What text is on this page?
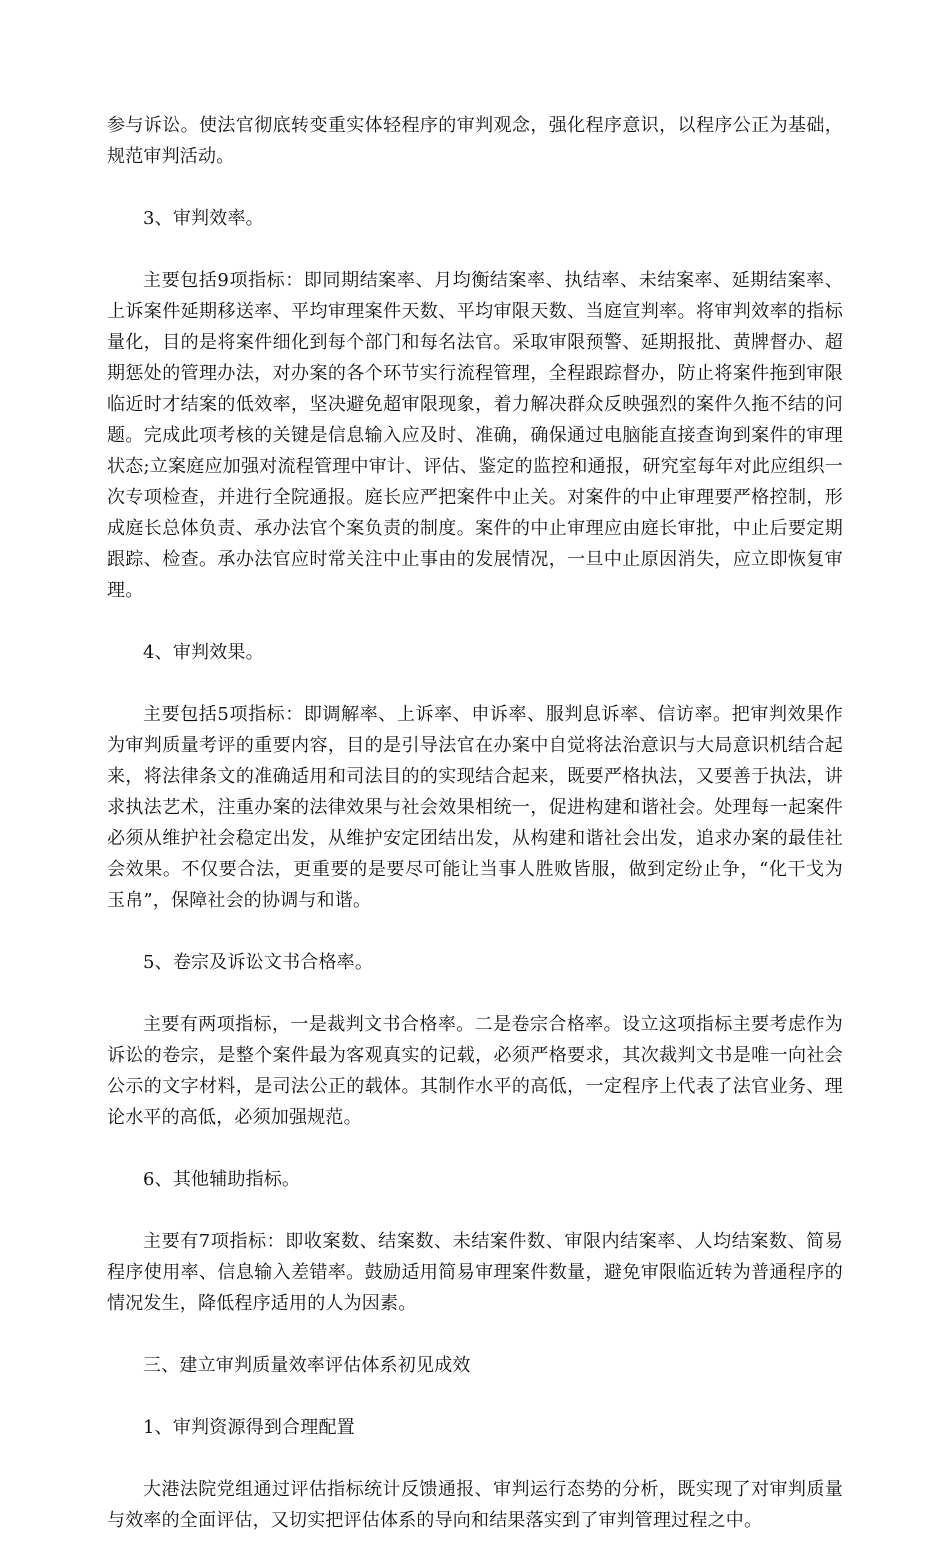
参与诉讼。使法官彻底转变重实体轻程序的审判观念，强化程序意识，以程序公正为基础，规范审判活动。

3、审判效率。

主要包括9项指标：即同期结案率、月均衡结案率、执结率、未结案率、延期结案率、上诉案件延期移送率、平均审理案件天数、平均审限天数、当庭宣判率。将审判效率的指标量化，目的是将案件细化到每个部门和每名法官。采取审限预警、延期报批、黄牌督办、超期惩处的管理办法，对办案的各个环节实行流程管理，全程跟踪督办，防止将案件拖到审限临近时才结案的低效率，坚决避免超审限现象，着力解决群众反映强烈的案件久拖不结的问题。完成此项考核的关键是信息输入应及时、准确，确保通过电脑能直接查询到案件的审理状态;立案庭应加强对流程管理中审计、评估、鉴定的监控和通报，研究室每年对此应组织一次专项检查，并进行全院通报。庭长应严把案件中止关。对案件的中止审理要严格控制，形成庭长总体负责、承办法官个案负责的制度。案件的中止审理应由庭长审批，中止后要定期跟踪、检查。承办法官应时常关注中止事由的发展情况，一旦中止原因消失，应立即恢复审理。

4、审判效果。

主要包括5项指标：即调解率、上诉率、申诉率、服判息诉率、信访率。把审判效果作为审判质量考评的重要内容，目的是引导法官在办案中自觉将法治意识与大局意识机结合起来，将法律条文的准确适用和司法目的的实现结合起来，既要严格执法，又要善于执法，讲求执法艺术，注重办案的法律效果与社会效果相统一，促进构建和谐社会。处理每一起案件必须从维护社会稳定出发，从维护安定团结出发，从构建和谐社会出发，追求办案的最佳社会效果。不仅要合法，更重要的是要尽可能让当事人胜败皆服，做到定纷止争，“化干戈为玉帛”，保障社会的协调与和谐。

5、卷宗及诉讼文书合格率。

主要有两项指标，一是裁判文书合格率。二是卷宗合格率。设立这项指标主要考虑作为诉讼的卷宗，是整个案件最为客观真实的记载，必须严格要求，其次裁判文书是唯一向社会公示的文字材料，是司法公正的载体。其制作水平的高低，一定程序上代表了法官业务、理论水平的高低，必须加强规范。

6、其他辅助指标。

主要有7项指标：即收案数、结案数、未结案件数、审限内结案率、人均结案数、简易程序使用率、信息输入差错率。鼓励适用简易审理案件数量，避免审限临近转为普通程序的情况发生，降低程序适用的人为因素。

三、建立审判质量效率评估体系初见成效

1、审判资源得到合理配置

大港法院党组通过评估指标统计反馈通报、审判运行态势的分析，既实现了对审判质量与效率的全面评估，又切实把评估体系的导向和结果落实到了审判管理过程之中。
